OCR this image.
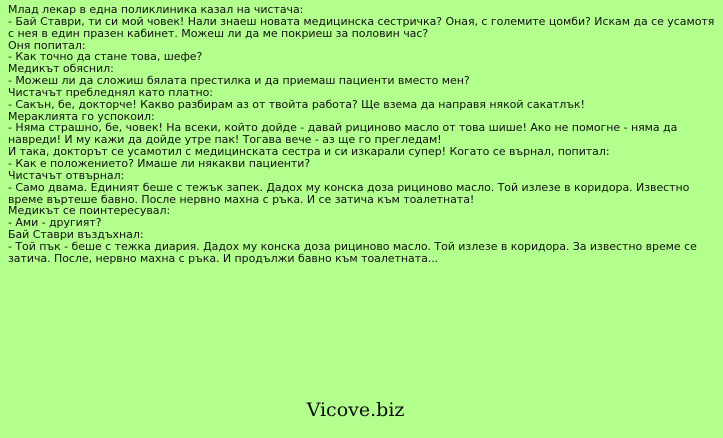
Млад лекар в една поликлиника казал на чистача:
- Бай Ставри, ти си мой човек! Нали знаеш новата медицинска сестричка? Оная, с големите цомби? Искам да се усамотя с нея в един празен кабинет. Можеш ли да ме покриеш за половин час?
Оня попитал:
- Как точно да стане това, шефе?
Медикът обяснил:
- Можеш ли да сложиш бялата престилка и да приемаш пациенти вместо мен?
Чистачът пребледнял като платно:
- Сакън, бе, докторче! Какво разбирам аз от твойта работа? Ще взема да направя някой сакатлък!
Мераклията го успокоил:
- Няма страшно, бе, човек! На всеки, който дойде - давай рициново масло от това шише! Ако не помогне - няма да навреди! И му кажи да дойде утре пак! Тогава вече - аз ще го прегледам!
И така, докторът се усамотил с медицинската сестра и си изкарали супер! Когато се върнал, попитал:
- Как е положението? Имаше ли някакви пациенти?
Чистачът отвърнал:
- Само двама. Единият беше с тежък запек. Дадох му конска доза рициново масло. Той излезе в коридора. Известно време въртеше бавно. После нервно махна с ръка. И се затича към тоалетната!
Медикът се поинтересувал:
- Ами - другият?
Бай Ставри въздъхнал:
- Той пък - беше с тежка диария. Дадох му конска доза рициново масло. Той излезе в коридора. За известно време се затича. После, нервно махна с ръка. И продължи бавно към тоалетната...
Vicove.biz
